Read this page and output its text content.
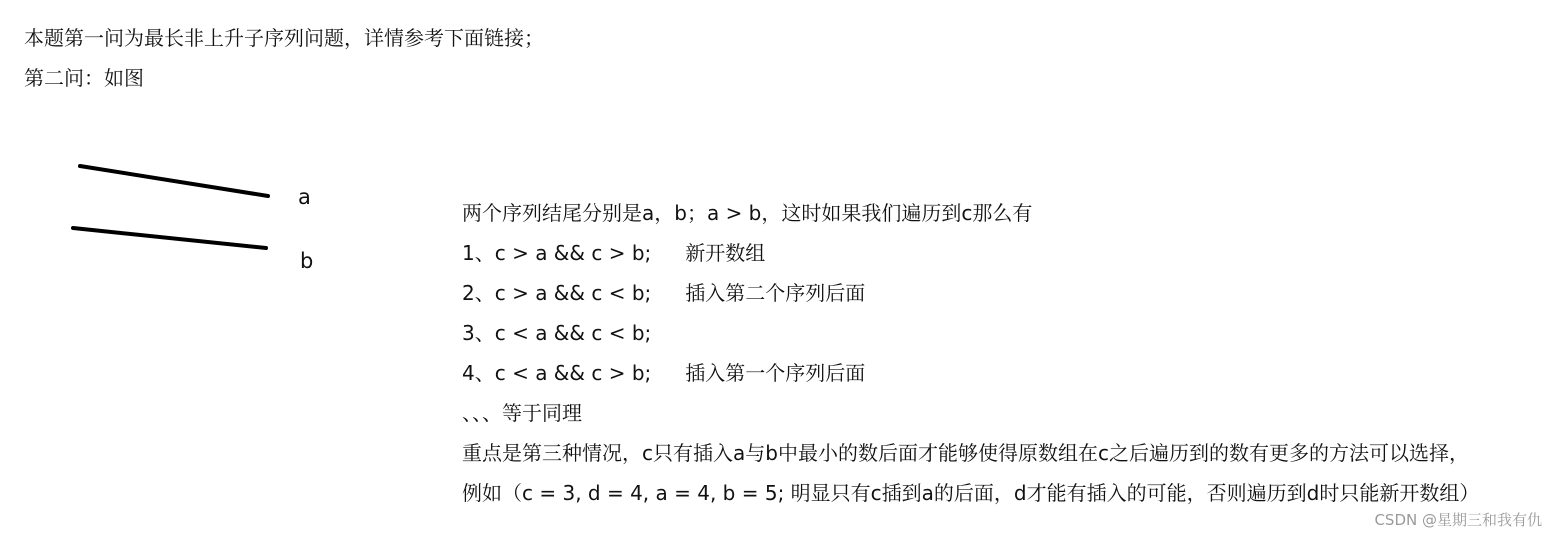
本题第一问为最长非上升子序列问题，详情参考下面链接；
第二问：如图
a
b
两个序列结尾分别是a，b；a > b，这时如果我们遍历到c那么有
1、c > a && c > b; 新开数组
2、c > a && c < b; 插入第二个序列后面
3、c < a && c < b;
4、c < a && c > b; 插入第一个序列后面
、、、等于同理
重点是第三种情况，c只有插入a与b中最小的数后面才能够使得原数组在c之后遍历到的数有更多的方法可以选择，
例如（c = 3, d = 4, a = 4, b = 5; 明显只有c插到a的后面，d才能有插入的可能，否则遍历到d时只能新开数组）
CSDN @星期三和我有仇
